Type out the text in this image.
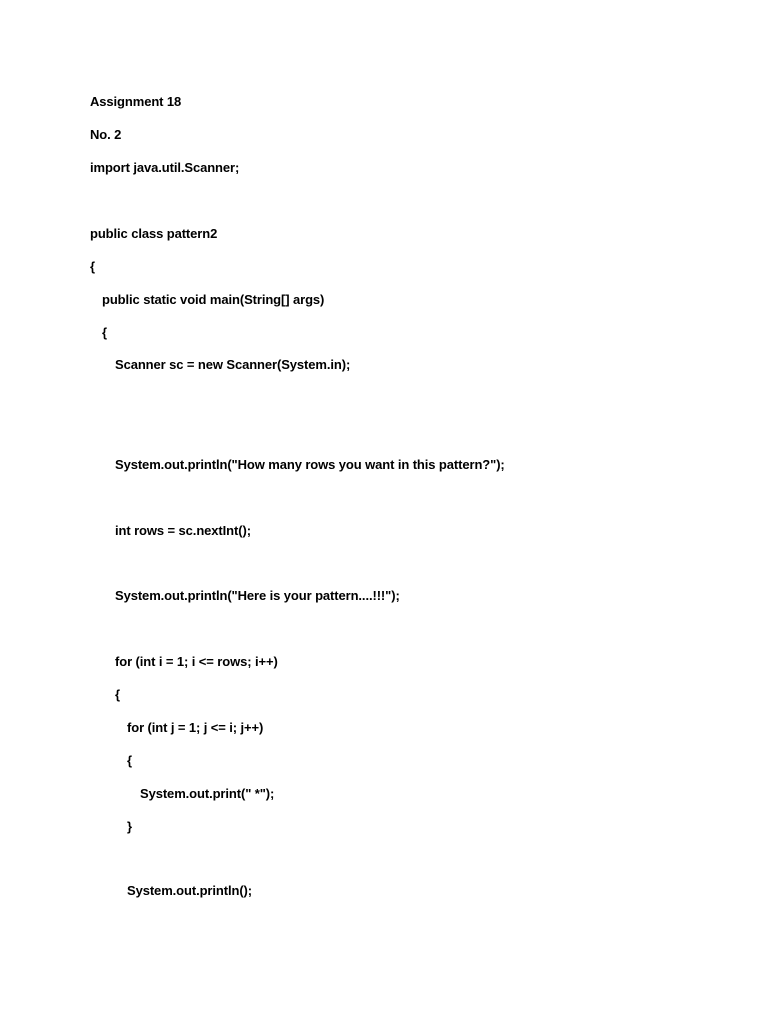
Assignment 18
No. 2
import java.util.Scanner;
public class pattern2
{
public static void main(String[] args)
{
Scanner sc = new Scanner(System.in);
System.out.println("How many rows you want in this pattern?");
int rows = sc.nextInt();
System.out.println("Here is your pattern....!!!");
for (int i = 1; i <= rows; i++)
{
for (int j = 1; j <= i; j++)
{
System.out.print(" *");
}
System.out.println();
